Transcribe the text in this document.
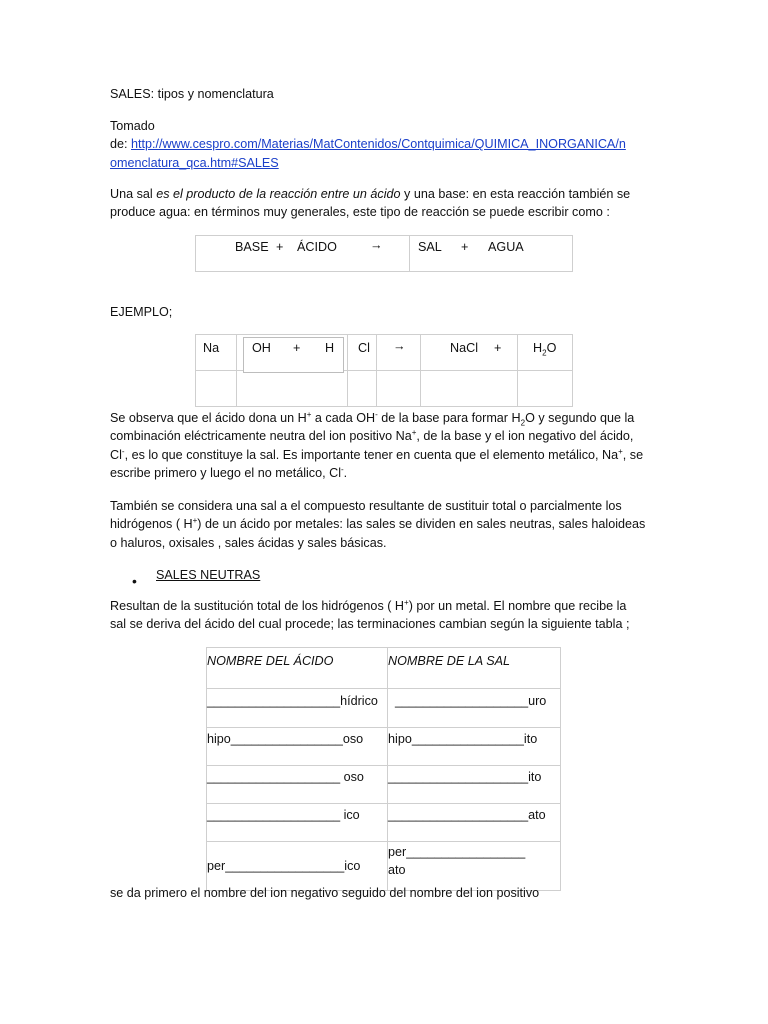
SALES: tipos y nomenclatura
Tomado
de: http://www.cespro.com/Materias/MatContenidos/Contquimica/QUIMICA_INORGANICA/n
omenclatura_qca.htm#SALES
Una sal es el producto de la reacción entre un ácido y una base: en esta reacción también se
produce agua: en términos muy generales, este tipo de reacción se puede escribir como :

BASE + ÁCIDO	→	SAL + AGUA
EJEMPLO;

Na	OH + H Cl →	NaCl +	$H_2O$
Se observa que el ácido dona un H+ a cada OH- de la base para formar $H_2O$ y segundo que la
combinación eléctricamente neutra del ion positivo Na+, de la base y el ion negativo del ácido,
Cl-, es lo que constituye la sal. Es importante tener en cuenta que el elemento metálico, Na+, se
escribe primero y luego el no metálico, Cl-.
También se considera una sal a el compuesto resultante de sustituir total o parcialmente los
hidrógenos ( H+) de un ácido por metales: las sales se dividen en sales neutras, sales haloideas
o haluros, oxisales , sales ácidas y sales básicas.
• SALES NEUTRAS
Resultan de la sustitución total de los hidrógenos ( H+) por un metal. El nombre que recibe la
sal se deriva del ácido del cual procede; las terminaciones cambian según la siguiente tabla ;
NOMBRE DEL ÁCIDO	NOMBRE DE LA SAL
___________________hídrico	___________________uro
hipo________________oso	hipo________________ito
___________________ oso	____________________ito
___________________ ico	____________________ato
per_________________ico	per_________________
ato
se da primero el nombre del ion negativo seguido del nombre del ion positivo
